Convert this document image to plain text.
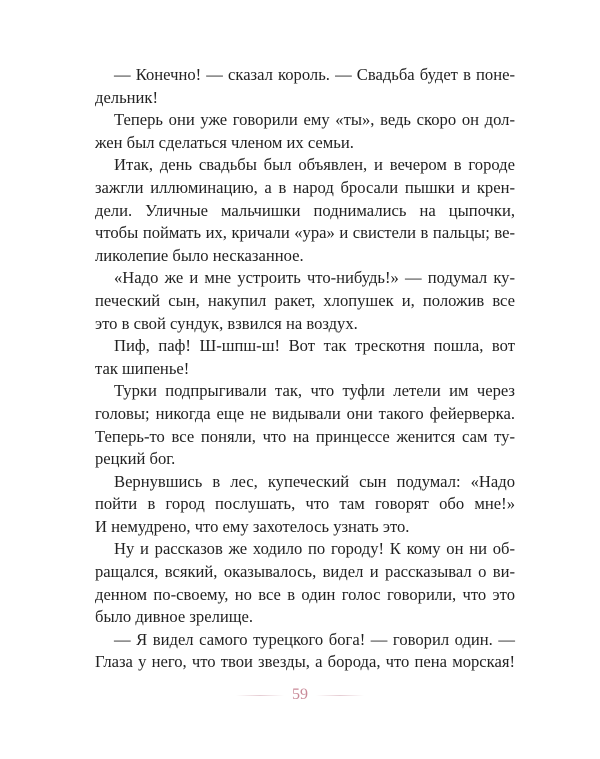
— Конечно! — сказал король. — Свадьба будет в поне-
дельник!
Теперь они уже говорили ему «ты», ведь скоро он дол-
жен был сделаться членом их семьи.
Итак, день свадьбы был объявлен, и вечером в городе
зажгли иллюминацию, а в народ бросали пышки и крен-
дели. Уличные мальчишки поднимались на цыпочки,
чтобы поймать их, кричали «ура» и свистели в пальцы; ве-
ликолепие было несказанное.
«Надо же и мне устроить что-нибудь!» — подумал ку-
печеский сын, накупил ракет, хлопушек и, положив все
это в свой сундук, взвился на воздух.
Пиф, паф! Ш-шпш-ш! Вот так трескотня пошла, вот
так шипенье!
Турки подпрыгивали так, что туфли летели им через
головы; никогда еще не видывали они такого фейерверка.
Теперь-то все поняли, что на принцессе женится сам ту-
рецкий бог.
Вернувшись в лес, купеческий сын подумал: «Надо
пойти в город послушать, что там говорят обо мне!»
И немудрено, что ему захотелось узнать это.
Ну и рассказов же ходило по городу! К кому он ни об-
ращался, всякий, оказывалось, видел и рассказывал о ви-
денном по-своему, но все в один голос говорили, что это
было дивное зрелище.
— Я видел самого турецкого бога! — говорил один. —
Глаза у него, что твои звезды, а борода, что пена морская!
59
